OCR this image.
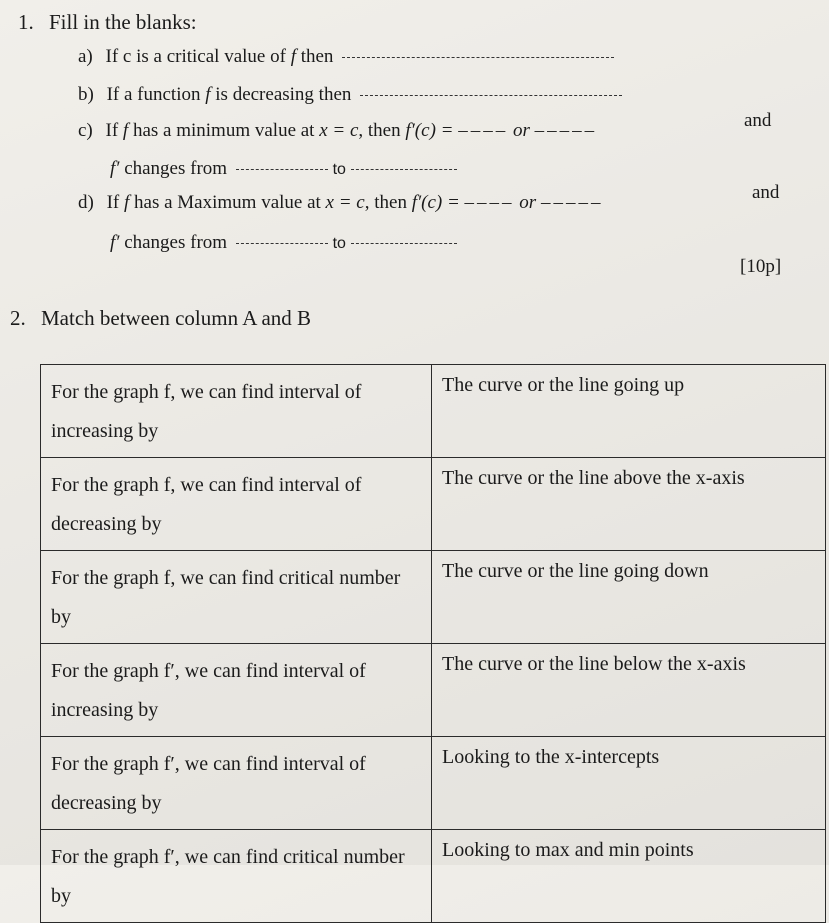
1. Fill in the blanks:
a) If c is a critical value of f then
b) If a function f is decreasing then
c) If f has a minimum value at x = c, then f′(c) = –––– or –––––	and
f′ changes from	to
d) If f has a Maximum value at x = c, then f′(c) = –––– or –––––	and
f′ changes from	to
[10p]
2. Match between column A and B
For the graph f, we can find interval of increasing by	The curve or the line going up

For the graph f, we can find interval of decreasing by	The curve or the line above the x-axis

For the graph f, we can find critical number by	The curve or the line going down

For the graph f′, we can find interval of increasing by	The curve or the line below the x-axis

For the graph f′, we can find interval of decreasing by	Looking to the x-intercepts

For the graph f′, we can find critical number by	Looking to max and min points
